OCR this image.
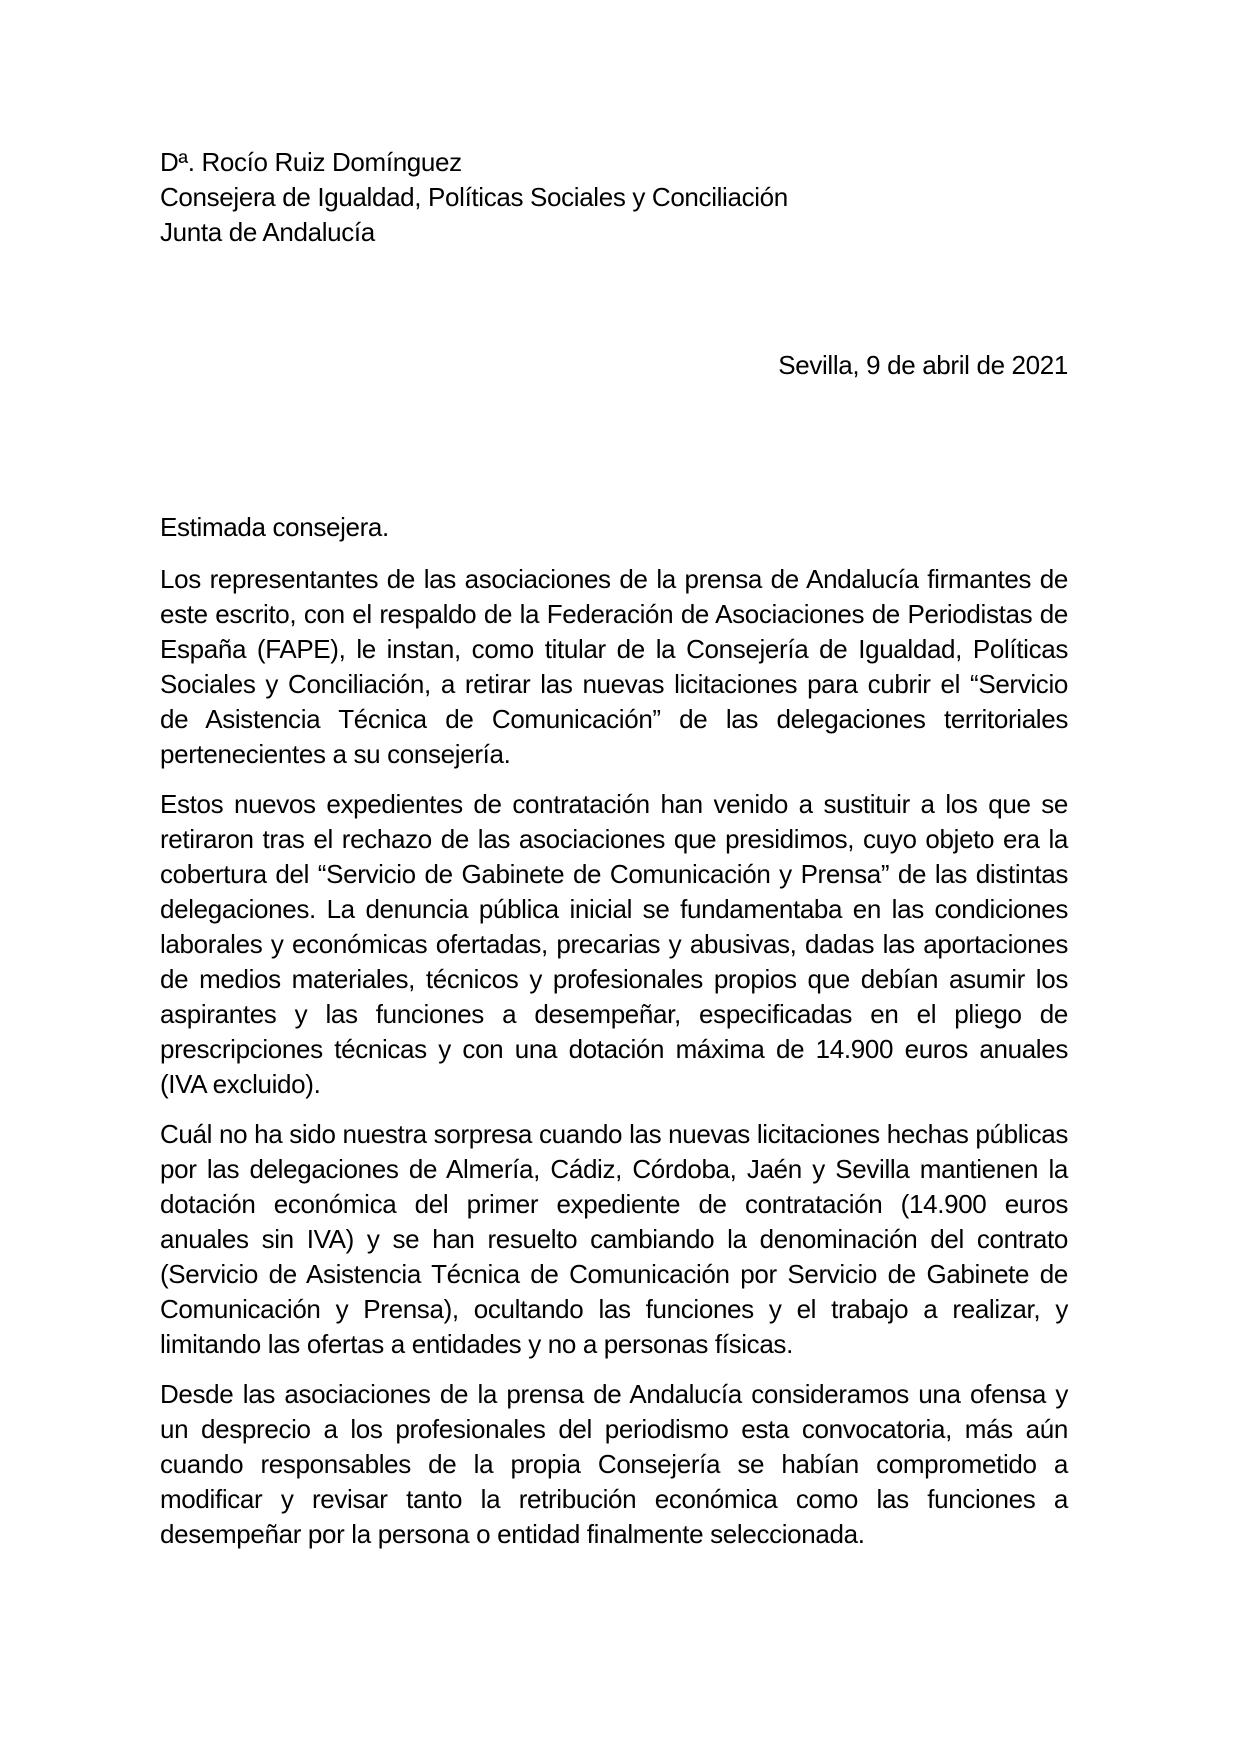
Dª. Rocío Ruiz Domínguez

Consejera de Igualdad, Políticas Sociales y Conciliación

Junta de Andalucía

Sevilla, 9 de abril de 2021

Estimada consejera.

Los representantes de las asociaciones de la prensa de Andalucía firmantes de este escrito, con el respaldo de la Federación de Asociaciones de Periodistas de España (FAPE), le instan, como titular de la Consejería de Igualdad, Políticas Sociales y Conciliación, a retirar las nuevas licitaciones para cubrir el “Servicio de Asistencia Técnica de Comunicación” de las delegaciones territoriales pertenecientes a su consejería.

Estos nuevos expedientes de contratación han venido a sustituir a los que se retiraron tras el rechazo de las asociaciones que presidimos, cuyo objeto era la cobertura del “Servicio de Gabinete de Comunicación y Prensa” de las distintas delegaciones. La denuncia pública inicial se fundamentaba en las condiciones laborales y económicas ofertadas, precarias y abusivas, dadas las aportaciones de medios materiales, técnicos y profesionales propios que debían asumir los aspirantes y las funciones a desempeñar, especificadas en el pliego de prescripciones técnicas y con una dotación máxima de 14.900 euros anuales (IVA excluido).

Cuál no ha sido nuestra sorpresa cuando las nuevas licitaciones hechas públicas por las delegaciones de Almería, Cádiz, Córdoba, Jaén y Sevilla mantienen la dotación económica del primer expediente de contratación (14.900 euros anuales sin IVA) y se han resuelto cambiando la denominación del contrato (Servicio de Asistencia Técnica de Comunicación por Servicio de Gabinete de Comunicación y Prensa), ocultando las funciones y el trabajo a realizar, y limitando las ofertas a entidades y no a personas físicas.

Desde las asociaciones de la prensa de Andalucía consideramos una ofensa y un desprecio a los profesionales del periodismo esta convocatoria, más aún cuando responsables de la propia Consejería se habían comprometido a modificar y revisar tanto la retribución económica como las funciones a desempeñar por la persona o entidad finalmente seleccionada.
